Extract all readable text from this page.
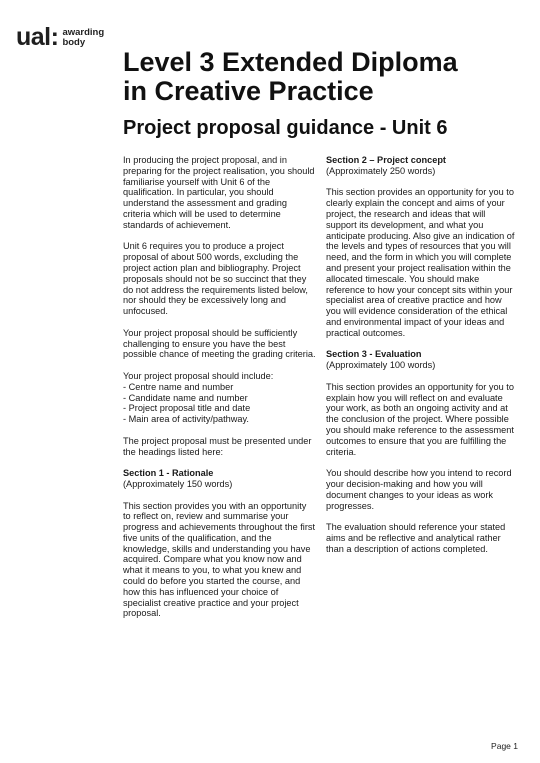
ual: awarding
body
Level 3 Extended Diploma
in Creative Practice
Project proposal guidance - Unit 6

In producing the project proposal, and in preparing for the project realisation, you should familiarise yourself with Unit 6 of the qualification. In particular, you should understand the assessment and grading criteria which will be used to determine standards of achievement.

Unit 6 requires you to produce a project proposal of about 500 words, excluding the project action plan and bibliography. Project proposals should not be so succinct that they do not address the requirements listed below, nor should they be excessively long and unfocused.

Your project proposal should be sufficiently challenging to ensure you have the best possible chance of meeting the grading criteria.

Your project proposal should include:

- Centre name and number
- Candidate name and number
- Project proposal title and date
- Main area of activity/pathway.

The project proposal must be presented under the headings listed here:

Section 1 - Rationale

(Approximately 150 words)

This section provides you with an opportunity to reflect on, review and summarise your progress and achievements throughout the first five units of the qualification, and the knowledge, skills and understanding you have acquired. Compare what you know now and what it means to you, to what you knew and could do before you started the course, and how this has influenced your choice of specialist creative practice and your project proposal.

Section 2 – Project concept

(Approximately 250 words)

This section provides an opportunity for you to clearly explain the concept and aims of your project, the research and ideas that will support its development, and what you anticipate producing. Also give an indication of the levels and types of resources that you will need, and the form in which you will complete and present your project realisation within the allocated timescale. You should make reference to how your concept sits within your specialist area of creative practice and how you will evidence consideration of the ethical and environmental impact of your ideas and practical outcomes.

Section 3 - Evaluation

(Approximately 100 words)

This section provides an opportunity for you to explain how you will reflect on and evaluate your work, as both an ongoing activity and at the conclusion of the project. Where possible you should make reference to the assessment outcomes to ensure that you are fulfilling the criteria.

You should describe how you intend to record your decision-making and how you will document changes to your ideas as work progresses.

The evaluation should reference your stated aims and be reflective and analytical rather than a description of actions completed.

Page 1
